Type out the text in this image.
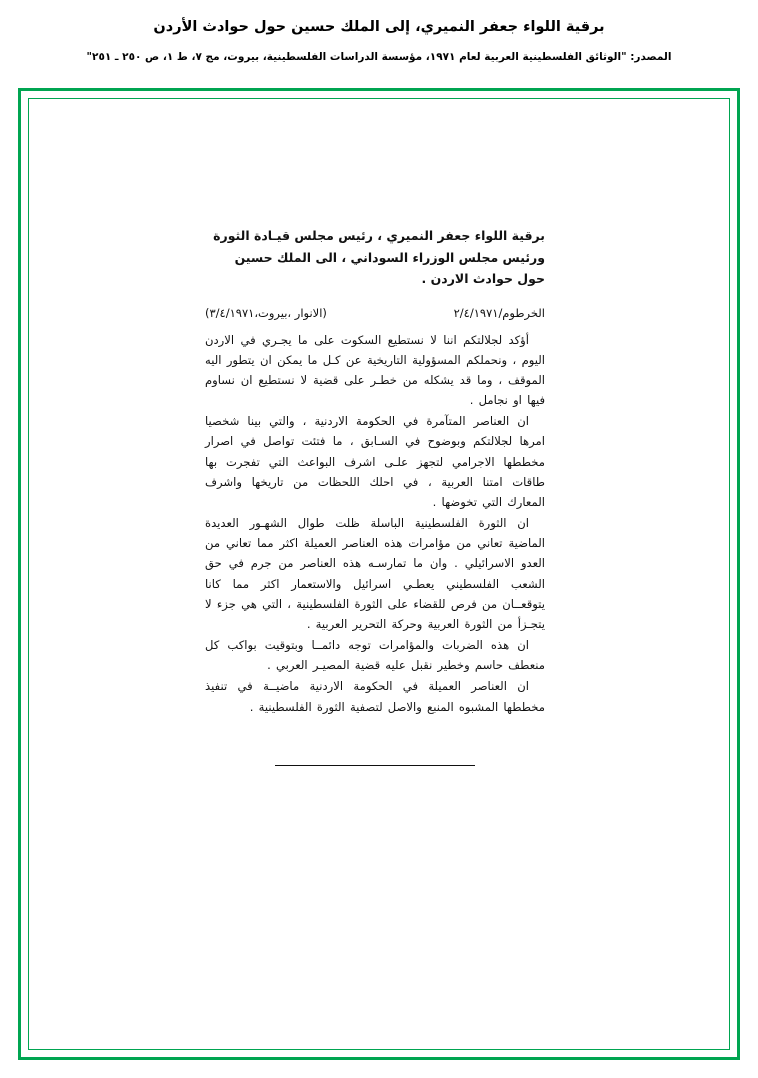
برقية اللواء جعفر النميري، إلى الملك حسين حول حوادث الأردن
المصدر: "الوثائق الفلسطينية العربية لعام ١٩٧١، مؤسسة الدراسات الفلسطينية، بيروت، مج ٧، ط ١، ص ٢٥٠ ـ ٢٥١"
برقية اللواء جعفر النميري ، رئيس مجلس قيـادة الثورة ورئيس مجلس الوزراء السوداني ، الى الملك حسين حول حوادث الاردن .
الخرطوم/٢/٤/١٩٧١
(الانوار ،بيروت،٣/٤/١٩٧١)

أؤكد لجلالتكم اننا لا نستطيع السكوت على ما يجـري في الاردن اليوم ، ونحملكم المسؤولية التاريخية عن كـل ما يمكن ان يتطور اليه الموقف ، وما قد يشكله من خطـر على قضية لا نستطيع ان نساوم فيها او نجامل .

ان العناصر المتآمرة في الحكومة الاردنية ، والتي بينا شخصيا امرها لجلالتكم وبوضوح في السـابق ، ما فتئت تواصل في اصرار مخططها الاجرامي لتجهز علـى اشرف البواعث التي تفجرت بها طاقات امتنا العربية ، في احلك اللحظات من تاريخها واشرف المعارك التي تخوضها .

ان الثورة الفلسطينية الباسلة ظلت طوال الشهـور العديدة الماضية تعاني من مؤامرات هذه العناصر العميلة اكثر مما تعاني من العدو الاسرائيلي . وان ما تمارسـه هذه العناصر من جرم في حق الشعب الفلسطيني يعطـي اسرائيل والاستعمار اكثر مما كانا يتوقعــان من فرص للقضاء على الثورة الفلسطينية ، التي هي جزء لا يتجـزأ من الثورة العربية وحركة التحرير العربية .

ان هذه الضربات والمؤامرات توجه دائمــا وبتوقيت بواكب كل منعطف حاسم وخطير نقبل عليه قضية المصيـر العربي .

ان العناصر العميلة في الحكومة الاردنية ماضيــة في تنفيذ مخططها المشبوه المنبع والاصل لتصفية الثورة الفلسطينية .
